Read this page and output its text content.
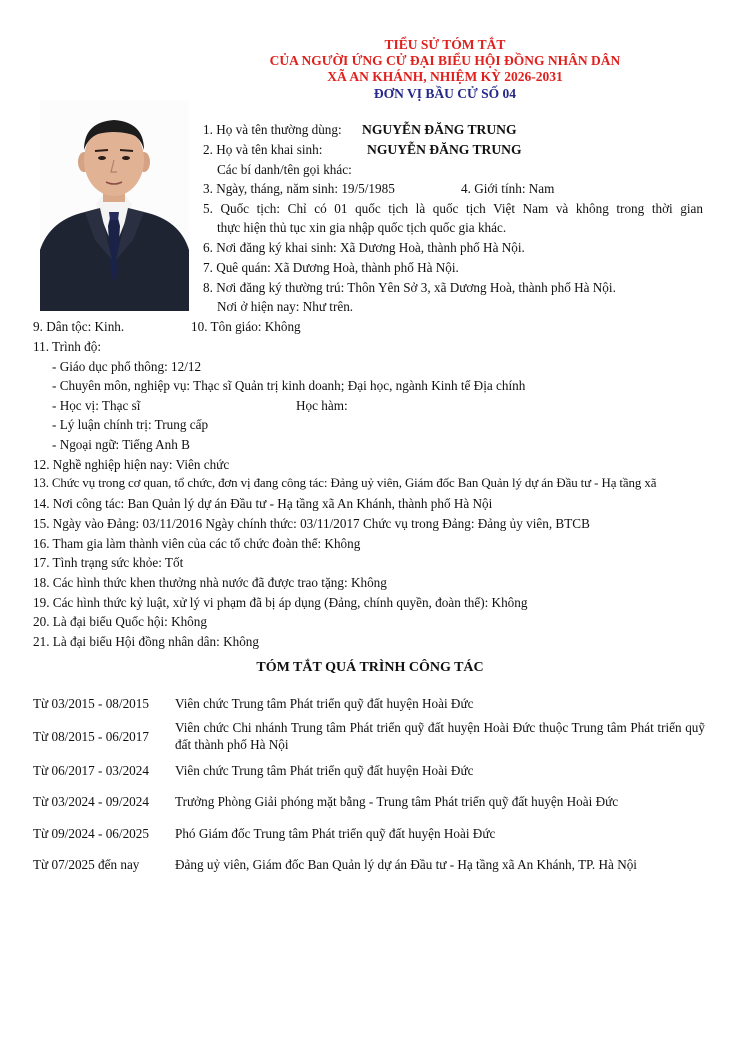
TIỂU SỬ TÓM TẮT
CỦA NGƯỜI ỨNG CỬ ĐẠI BIỂU HỘI ĐỒNG NHÂN DÂN
XÃ AN KHÁNH, NHIỆM KỲ 2026-2031
ĐƠN VỊ BẦU CỬ SỐ 04
1. Họ và tên thường dùng: NGUYỄN ĐĂNG TRUNG
2. Họ và tên khai sinh:	NGUYỄN ĐĂNG TRUNG
Các bí danh/tên gọi khác:
3. Ngày, tháng, năm sinh: 19/5/1985	4. Giới tính: Nam
5. Quốc tịch: Chỉ có 01 quốc tịch là quốc tịch Việt Nam và không trong thời gian
thực hiện thủ tục xin gia nhập quốc tịch quốc gia khác.
6. Nơi đăng ký khai sinh: Xã Dương Hoà, thành phố Hà Nội.
7. Quê quán: Xã Dương Hoà, thành phố Hà Nội.
8. Nơi đăng ký thường trú: Thôn Yên Sở 3, xã Dương Hoà, thành phố Hà Nội.
Nơi ở hiện nay: Như trên.
9. Dân tộc: Kinh.	10. Tôn giáo: Không
11. Trình độ:
- Giáo dục phổ thông: 12/12
- Chuyên môn, nghiệp vụ: Thạc sĩ Quản trị kinh doanh; Đại học, ngành Kinh tế Địa chính
- Học vị: Thạc sĩ	Học hàm:
- Lý luận chính trị: Trung cấp
- Ngoại ngữ: Tiếng Anh B
12. Nghề nghiệp hiện nay: Viên chức
13. Chức vụ trong cơ quan, tổ chức, đơn vị đang công tác: Đảng uỷ viên, Giám đốc Ban Quản lý dự án Đầu tư - Hạ tầng xã
14. Nơi công tác: Ban Quản lý dự án Đầu tư - Hạ tầng xã An Khánh, thành phố Hà Nội
15. Ngày vào Đảng: 03/11/2016 Ngày chính thức: 03/11/2017 Chức vụ trong Đảng: Đảng ủy viên, BTCB
16. Tham gia làm thành viên của các tổ chức đoàn thể: Không
17. Tình trạng sức khỏe: Tốt
18. Các hình thức khen thưởng nhà nước đã được trao tặng: Không
19. Các hình thức kỷ luật, xử lý vi phạm đã bị áp dụng (Đảng, chính quyền, đoàn thể): Không
20. Là đại biểu Quốc hội: Không
21. Là đại biểu Hội đồng nhân dân: Không
TÓM TẮT QUÁ TRÌNH CÔNG TÁC
Từ 03/2015 - 08/2015 Viên chức Trung tâm Phát triển quỹ đất huyện Hoài Đức
Từ 08/2015 - 06/2017
Viên chức Chi nhánh Trung tâm Phát triển quỹ đất huyện Hoài Đức thuộc Trung tâm Phát triển quỹ đất thành phố Hà Nội
Từ 06/2017 - 03/2024 Viên chức Trung tâm Phát triển quỹ đất huyện Hoài Đức
Từ 03/2024 - 09/2024 Trưởng Phòng Giải phóng mặt bằng - Trung tâm Phát triển quỹ đất huyện Hoài Đức
Từ 09/2024 - 06/2025 Phó Giám đốc Trung tâm Phát triển quỹ đất huyện Hoài Đức
Từ 07/2025 đến nay	Đảng uỷ viên, Giám đốc Ban Quản lý dự án Đầu tư - Hạ tầng xã An Khánh, TP. Hà Nội
